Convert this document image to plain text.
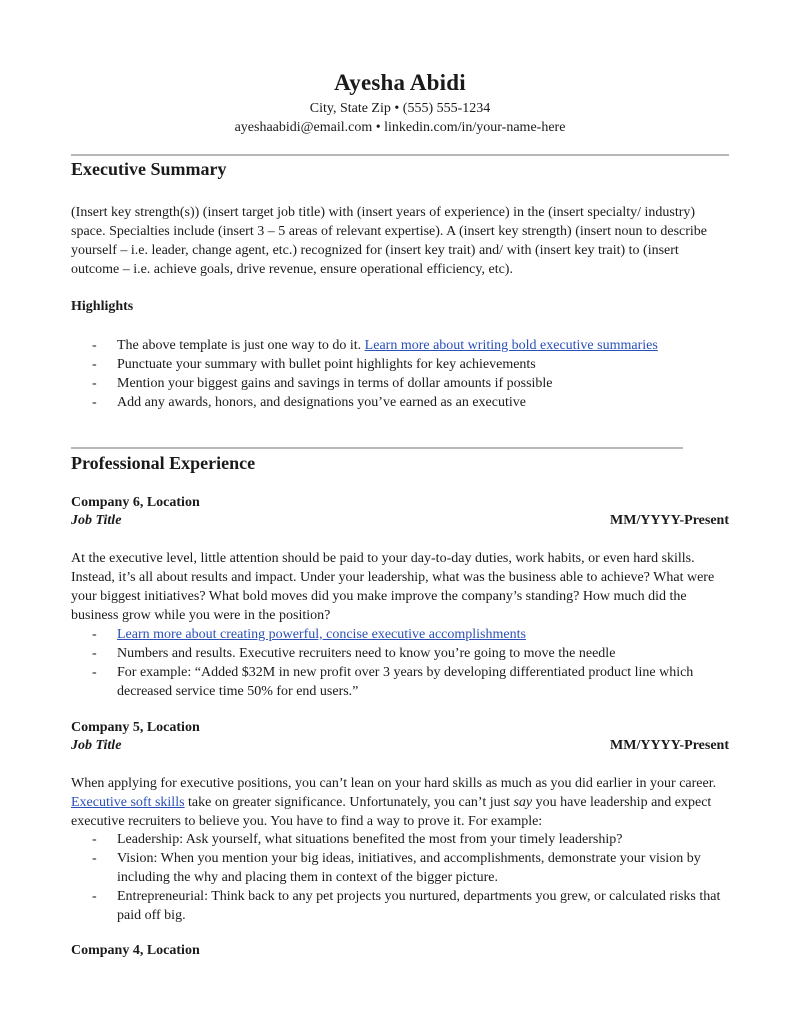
Ayesha Abidi
City, State Zip • (555) 555-1234
ayeshaabidi@email.com • linkedin.com/in/your-name-here
Executive Summary
(Insert key strength(s)) (insert target job title) with (insert years of experience) in the (insert specialty/ industry) space. Specialties include (insert 3 – 5 areas of relevant expertise). A (insert key strength) (insert noun to describe yourself – i.e. leader, change agent, etc.) recognized for (insert key trait) and/ with (insert key trait) to (insert outcome – i.e. achieve goals, drive revenue, ensure operational efficiency, etc).
Highlights
- The above template is just one way to do it. Learn more about writing bold executive summaries
- Punctuate your summary with bullet point highlights for key achievements
- Mention your biggest gains and savings in terms of dollar amounts if possible
- Add any awards, honors, and designations you’ve earned as an executive
Professional Experience
Company 6, Location
Job Title	MM/YYYY-Present
At the executive level, little attention should be paid to your day-to-day duties, work habits, or even hard skills. Instead, it’s all about results and impact. Under your leadership, what was the business able to achieve? What were your biggest initiatives? What bold moves did you make improve the company’s standing? How much did the business grow while you were in the position?
- Learn more about creating powerful, concise executive accomplishments
- Numbers and results. Executive recruiters need to know you’re going to move the needle
- For example: “Added $32M in new profit over 3 years by developing differentiated product line which decreased service time 50% for end users.”
Company 5, Location
Job Title	MM/YYYY-Present
When applying for executive positions, you can’t lean on your hard skills as much as you did earlier in your career. Executive soft skills take on greater significance. Unfortunately, you can’t just say you have leadership and expect executive recruiters to believe you. You have to find a way to prove it. For example:
- Leadership: Ask yourself, what situations benefited the most from your timely leadership?
- Vision: When you mention your big ideas, initiatives, and accomplishments, demonstrate your vision by including the why and placing them in context of the bigger picture.
- Entrepreneurial: Think back to any pet projects you nurtured, departments you grew, or calculated risks that paid off big.
Company 4, Location
